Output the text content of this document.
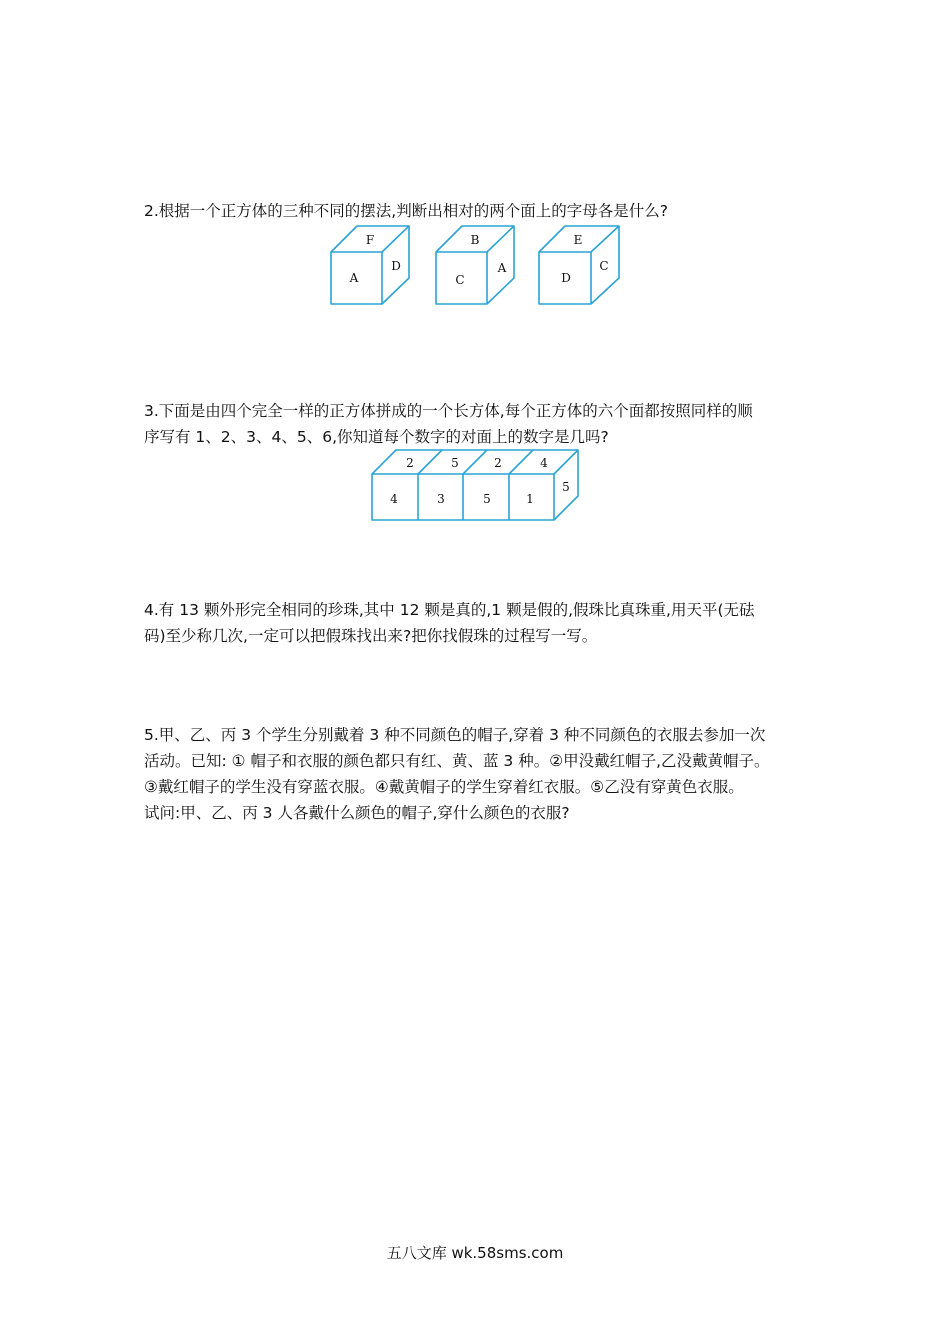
2.根据一个正方体的三种不同的摆法,判断出相对的两个面上的字母各是什么?

F
A
D
B
C
A
E
D
C

3.下面是由四个完全一样的正方体拼成的一个长方体,每个正方体的六个面都按照同样的顺

序写有 1、2、3、4、5、6,你知道每个数字的对面上的数字是几吗?

2	5	2	4
4	3	5	1
5

4.有 13 颗外形完全相同的珍珠,其中 12 颗是真的,1 颗是假的,假珠比真珠重,用天平(无砝

码)至少称几次,一定可以把假珠找出来?把你找假珠的过程写一写。

5.甲、乙、丙 3 个学生分别戴着 3 种不同颜色的帽子,穿着 3 种不同颜色的衣服去参加一次

活动。已知: ① 帽子和衣服的颜色都只有红、黄、蓝 3 种。②甲没戴红帽子,乙没戴黄帽子。

③戴红帽子的学生没有穿蓝衣服。④戴黄帽子的学生穿着红衣服。⑤乙没有穿黄色衣服。

试问:甲、乙、丙 3 人各戴什么颜色的帽子,穿什么颜色的衣服?

五八文库 wk.58sms.com
